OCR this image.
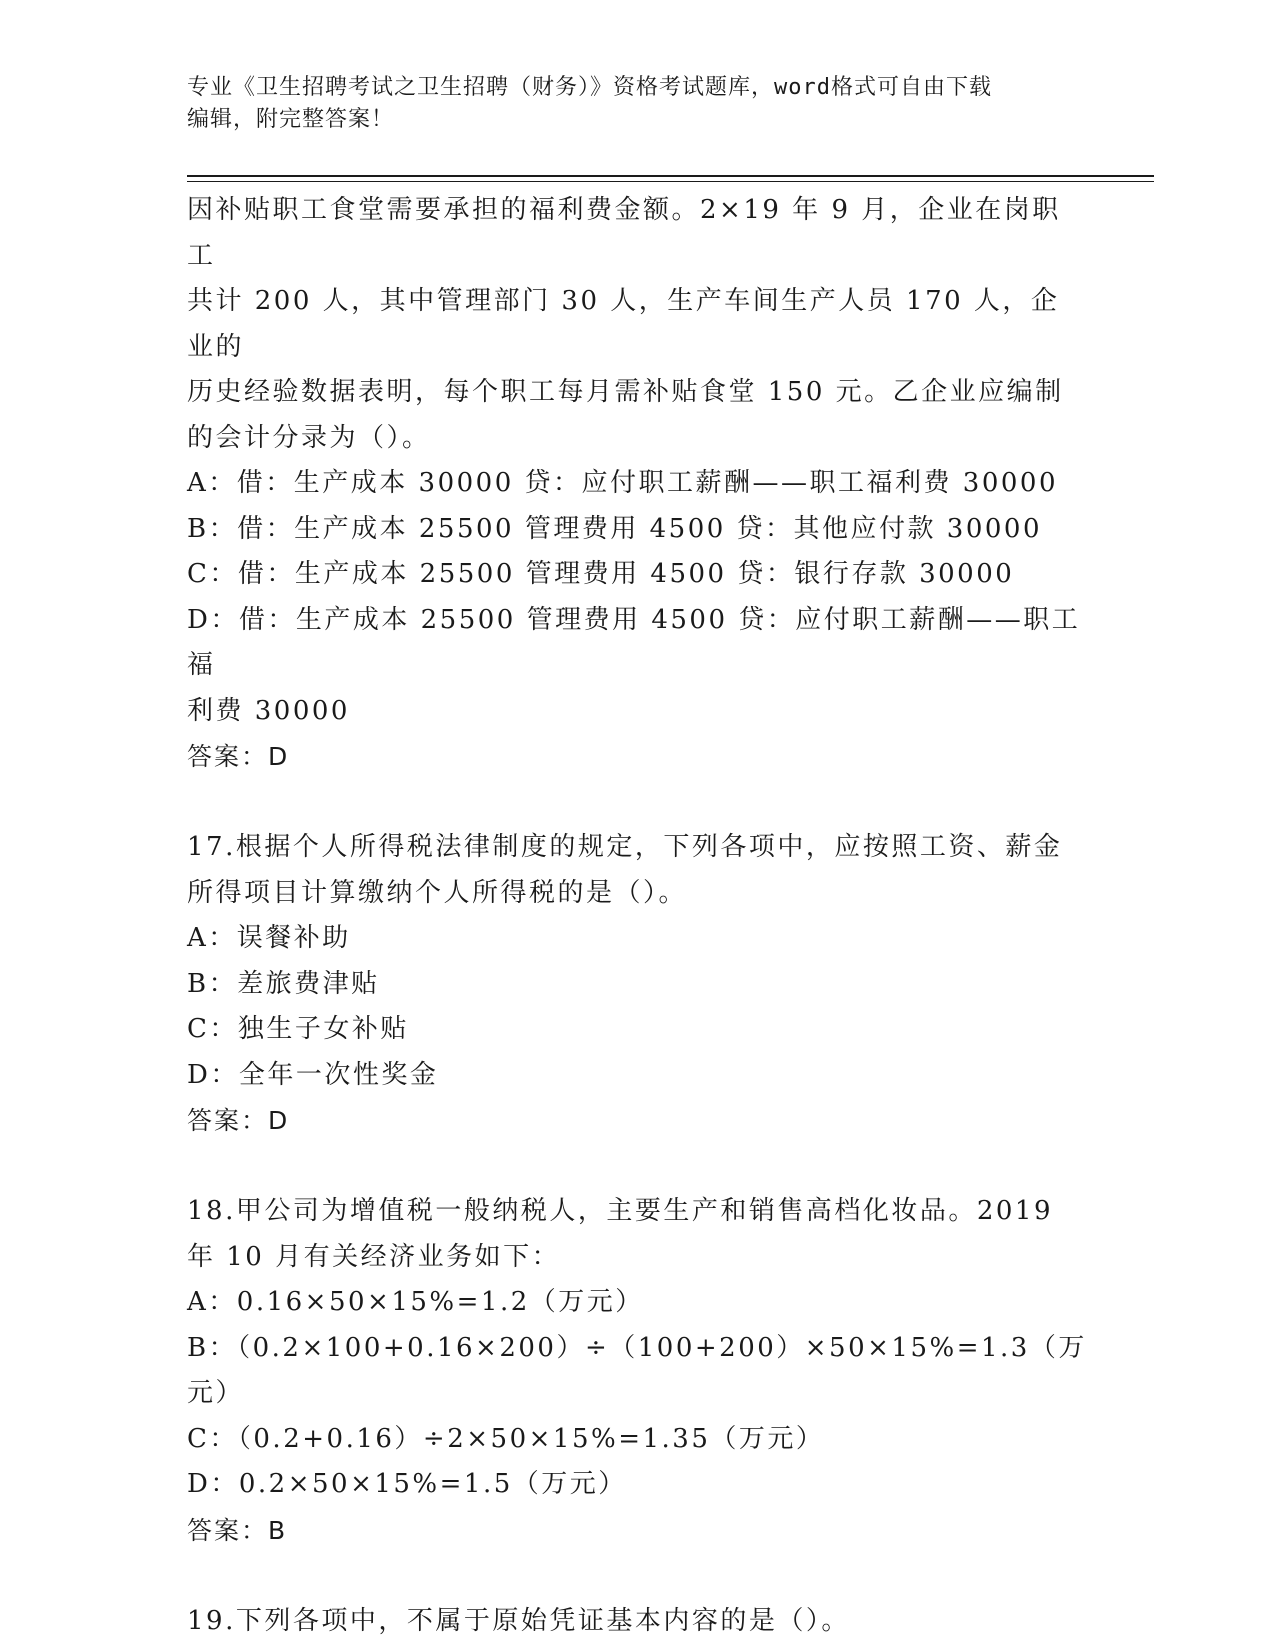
专业《卫生招聘考试之卫生招聘（财务）》资格考试题库，word格式可自由下载
编辑，附完整答案！

因补贴职工食堂需要承担的福利费金额。2×19 年 9 月，企业在岗职工

共计 200 人，其中管理部门 30 人，生产车间生产人员 170 人，企业的

历史经验数据表明，每个职工每月需补贴食堂 150 元。乙企业应编制

的会计分录为（）。

A：借：生产成本 30000 贷：应付职工薪酬——职工福利费 30000

B：借：生产成本 25500 管理费用 4500 贷：其他应付款 30000

C：借：生产成本 25500 管理费用 4500 贷：银行存款 30000

D：借：生产成本 25500 管理费用 4500 贷：应付职工薪酬——职工福

利费 30000

答案：D

17.根据个人所得税法律制度的规定，下列各项中，应按照工资、薪金

所得项目计算缴纳个人所得税的是（）。

A：误餐补助

B：差旅费津贴

C：独生子女补贴

D：全年一次性奖金

答案：D

18.甲公司为增值税一般纳税人，主要生产和销售高档化妆品。2019

年 10 月有关经济业务如下：

A：0.16×50×15%=1.2（万元）

B：（0.2×100+0.16×200）÷（100+200）×50×15%=1.3（万元）

C：（0.2+0.16）÷2×50×15%=1.35（万元）

D：0.2×50×15%=1.5（万元）

答案：B

19.下列各项中，不属于原始凭证基本内容的是（）。
